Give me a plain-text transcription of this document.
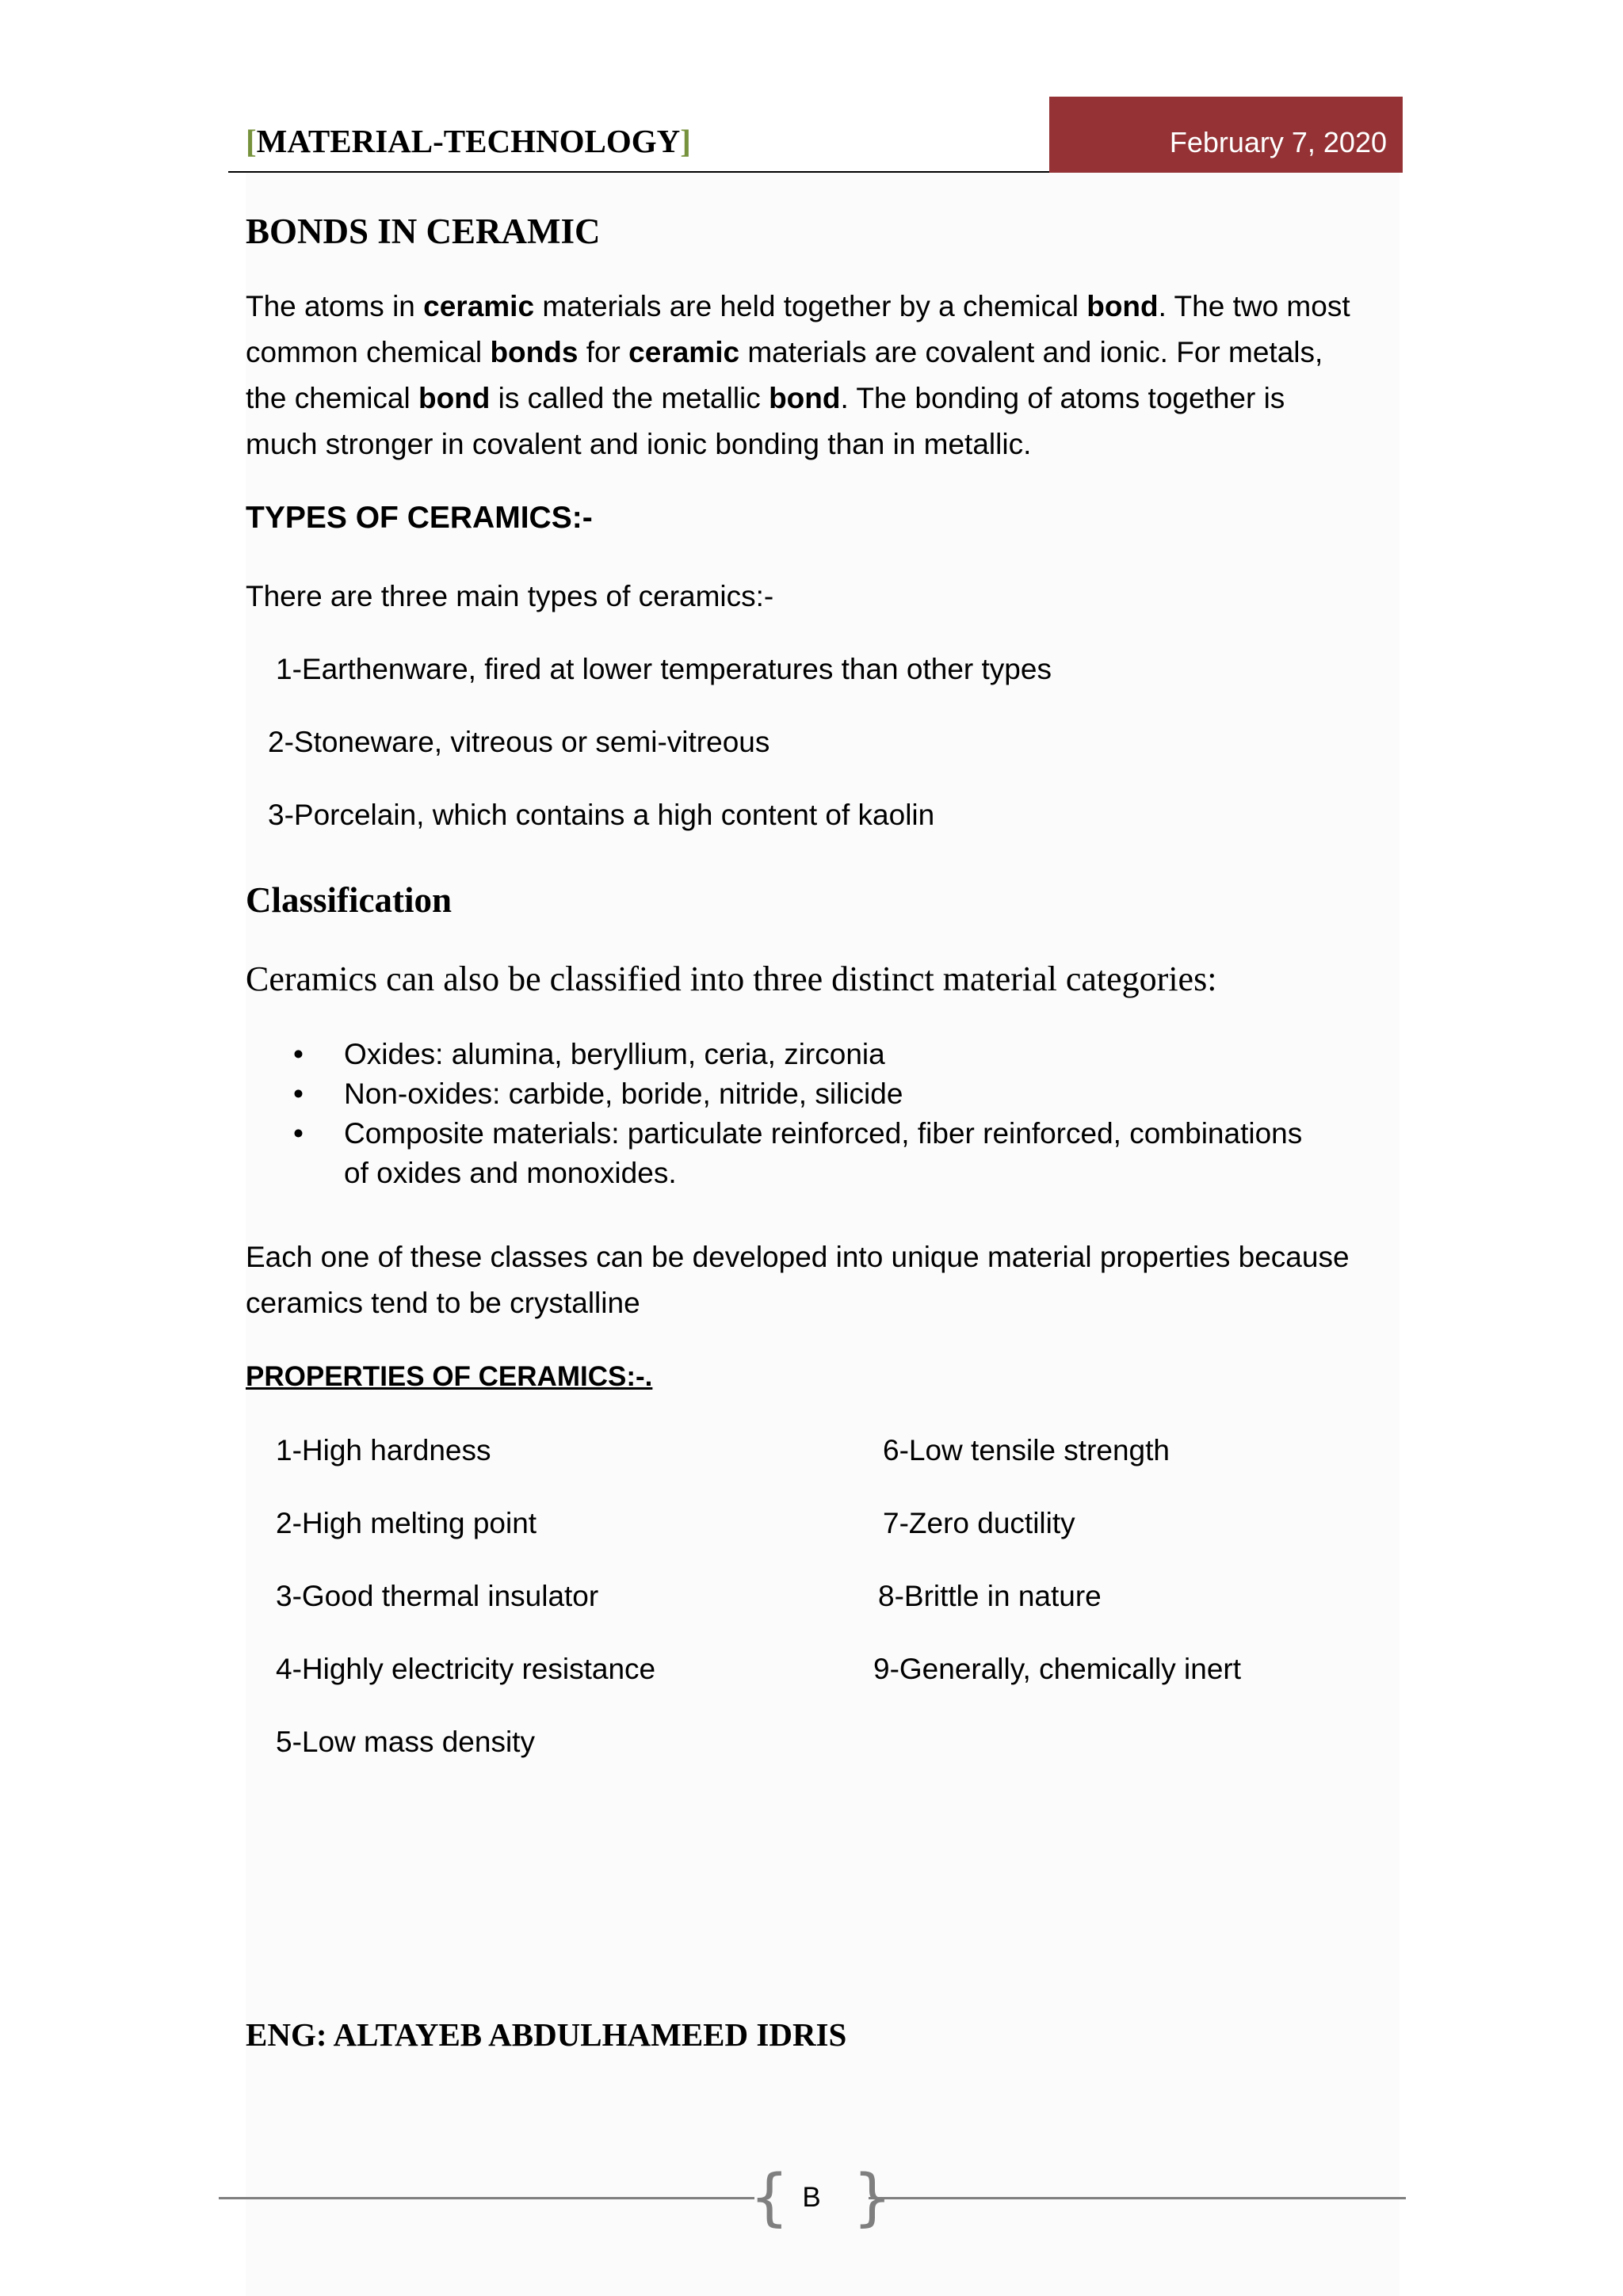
[MATERIAL-TECHNOLOGY]	February 7, 2020
BONDS IN CERAMIC
The atoms in ceramic materials are held together by a chemical bond. The two most
common chemical bonds for ceramic materials are covalent and ionic. For metals,
the chemical bond is called the metallic bond. The bonding of atoms together is
much stronger in covalent and ionic bonding than in metallic.
TYPES OF CERAMICS:-
There are three main types of ceramics:-
1-Earthenware, fired at lower temperatures than other types
2-Stoneware, vitreous or semi-vitreous
3-Porcelain, which contains a high content of kaolin
Classification
Ceramics can also be classified into three distinct material categories:
• Oxides: alumina, beryllium, ceria, zirconia
• Non-oxides: carbide, boride, nitride, silicide
• Composite materials: particulate reinforced, fiber reinforced, combinations
of oxides and monoxides.
Each one of these classes can be developed into unique material properties because
ceramics tend to be crystalline
PROPERTIES OF CERAMICS:-.
1-High hardness
2-High melting point
3-Good thermal insulator
4-Highly electricity resistance
5-Low mass density
6-Low tensile strength
7-Zero ductility
8-Brittle in nature
9-Generally, chemically inert
ENG: ALTAYEB ABDULHAMEED IDRIS
{ B }
